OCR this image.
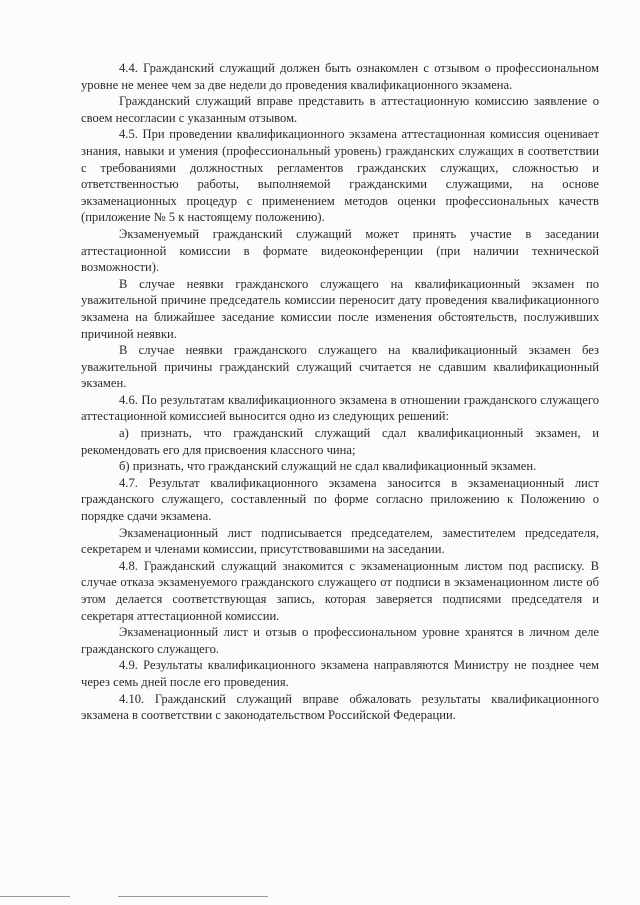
4.4. Гражданский служащий должен быть ознакомлен с отзывом о профессиональном уровне не менее чем за две недели до проведения квалификационного экзамена.

Гражданский служащий вправе представить в аттестационную комиссию заявление о своем несогласии с указанным отзывом.

4.5. При проведении квалификационного экзамена аттестационная комиссия оценивает знания, навыки и умения (профессиональный уровень) гражданских служащих в соответствии с требованиями должностных регламентов гражданских служащих, сложностью и ответственностью работы, выполняемой гражданскими служащими, на основе экзаменационных процедур с применением методов оценки профессиональных качеств (приложение № 5 к настоящему положению).

Экзаменуемый гражданский служащий может принять участие в заседании аттестационной комиссии в формате видеоконференции (при наличии технической возможности).

В случае неявки гражданского служащего на квалификационный экзамен по уважительной причине председатель комиссии переносит дату проведения квалификационного экзамена на ближайшее заседание комиссии после изменения обстоятельств, послуживших причиной неявки.

В случае неявки гражданского служащего на квалификационный экзамен без уважительной причины гражданский служащий считается не сдавшим квалификационный экзамен.

4.6. По результатам квалификационного экзамена в отношении гражданского служащего аттестационной комиссией выносится одно из следующих решений:

а) признать, что гражданский служащий сдал квалификационный экзамен, и рекомендовать его для присвоения классного чина;

б) признать, что гражданский служащий не сдал квалификационный экзамен.

4.7. Результат квалификационного экзамена заносится в экзаменационный лист гражданского служащего, составленный по форме согласно приложению к Положению о порядке сдачи экзамена.

Экзаменационный лист подписывается председателем, заместителем председателя, секретарем и членами комиссии, присутствовавшими на заседании.

4.8. Гражданский служащий знакомится с экзаменационным листом под расписку. В случае отказа экзаменуемого гражданского служащего от подписи в экзаменационном листе об этом делается соответствующая запись, которая заверяется подписями председателя и секретаря аттестационной комиссии.

Экзаменационный лист и отзыв о профессиональном уровне хранятся в личном деле гражданского служащего.

4.9. Результаты квалификационного экзамена направляются Министру не позднее чем через семь дней после его проведения.

4.10. Гражданский служащий вправе обжаловать результаты квалификационного экзамена в соответствии с законодательством Российской Федерации.
